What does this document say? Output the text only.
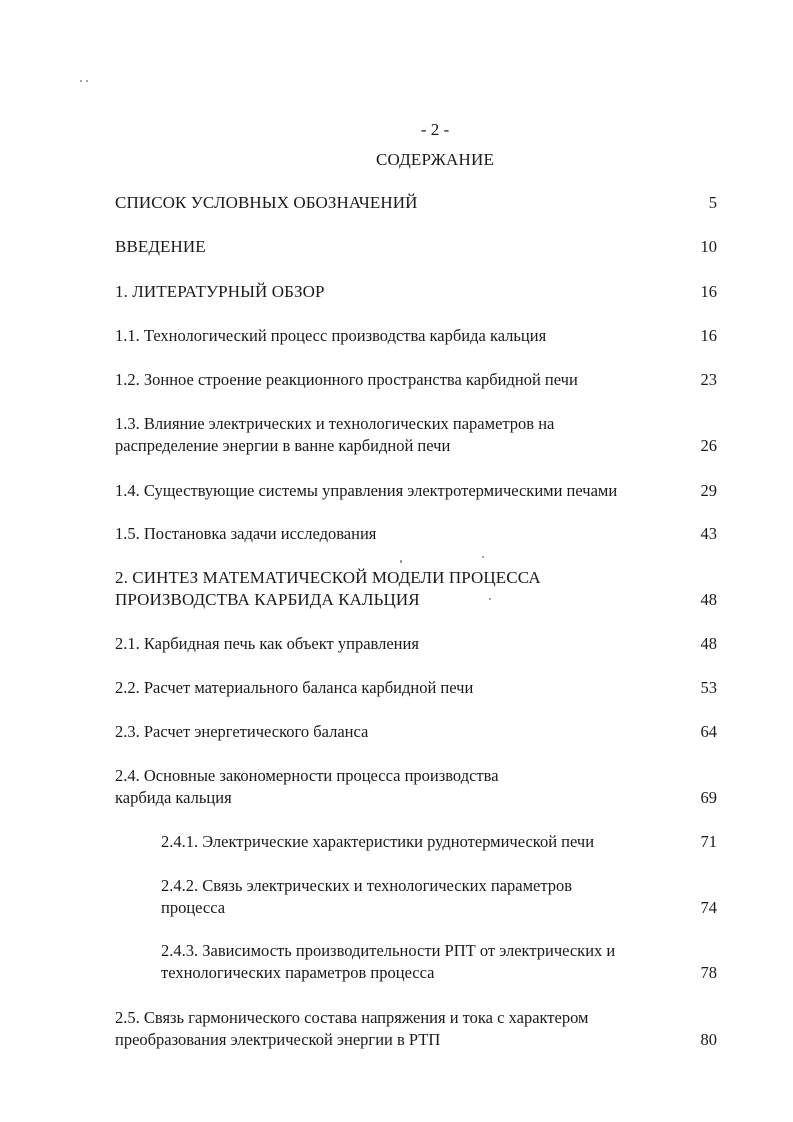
- 2 -
СОДЕРЖАНИЕ
СПИСОК УСЛОВНЫХ ОБОЗНАЧЕНИЙ	5
ВВЕДЕНИЕ	10
1. ЛИТЕРАТУРНЫЙ ОБЗОР	16
1.1. Технологический процесс производства карбида кальция	16
1.2. Зонное строение реакционного пространства карбидной печи	23
1.3. Влияние электрических и технологических параметров на
распределение энергии в ванне карбидной печи	26
1.4. Существующие системы управления электротермическими печами	29
1.5. Постановка задачи исследования	43
2. СИНТЕЗ МАТЕМАТИЧЕСКОЙ МОДЕЛИ ПРОЦЕССА
ПРОИЗВОДСТВА КАРБИДА КАЛЬЦИЯ	48
2.1. Карбидная печь как объект управления	48
2.2. Расчет материального баланса карбидной печи	53
2.3. Расчет энергетического баланса	64
2.4. Основные закономерности процесса производства
карбида кальция	69
2.4.1. Электрические характеристики руднотермической печи	71
2.4.2. Связь электрических и технологических параметров
процесса	74
2.4.3. Зависимость производительности РПТ от электрических и
технологических параметров процесса	78
2.5. Связь гармонического состава напряжения и тока с характером
преобразования электрической энергии в РТП	80
